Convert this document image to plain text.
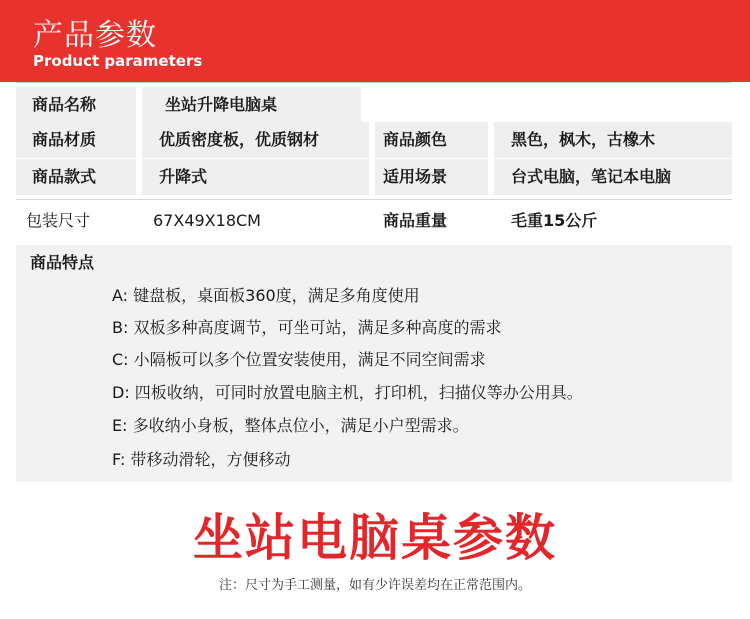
产品参数
Product parameters
商品名称	坐站升降电脑桌
商品材质	优质密度板，优质钢材	商品颜色	黑色，枫木，古橡木
商品款式	升降式	适用场景	台式电脑，笔记本电脑
包装尺寸	67X49X18CM	商品重量	毛重15公斤
商品特点
A: 键盘板，桌面板360度，满足多角度使用
B: 双板多种高度调节，可坐可站，满足多种高度的需求
C: 小隔板可以多个位置安装使用，满足不同空间需求
D: 四板收纳，可同时放置电脑主机，打印机，扫描仪等办公用具。
E: 多收纳小身板，整体点位小，满足小户型需求。
F: 带移动滑轮，方便移动
坐站电脑桌参数
注：尺寸为手工测量，如有少许误差均在正常范围内。
